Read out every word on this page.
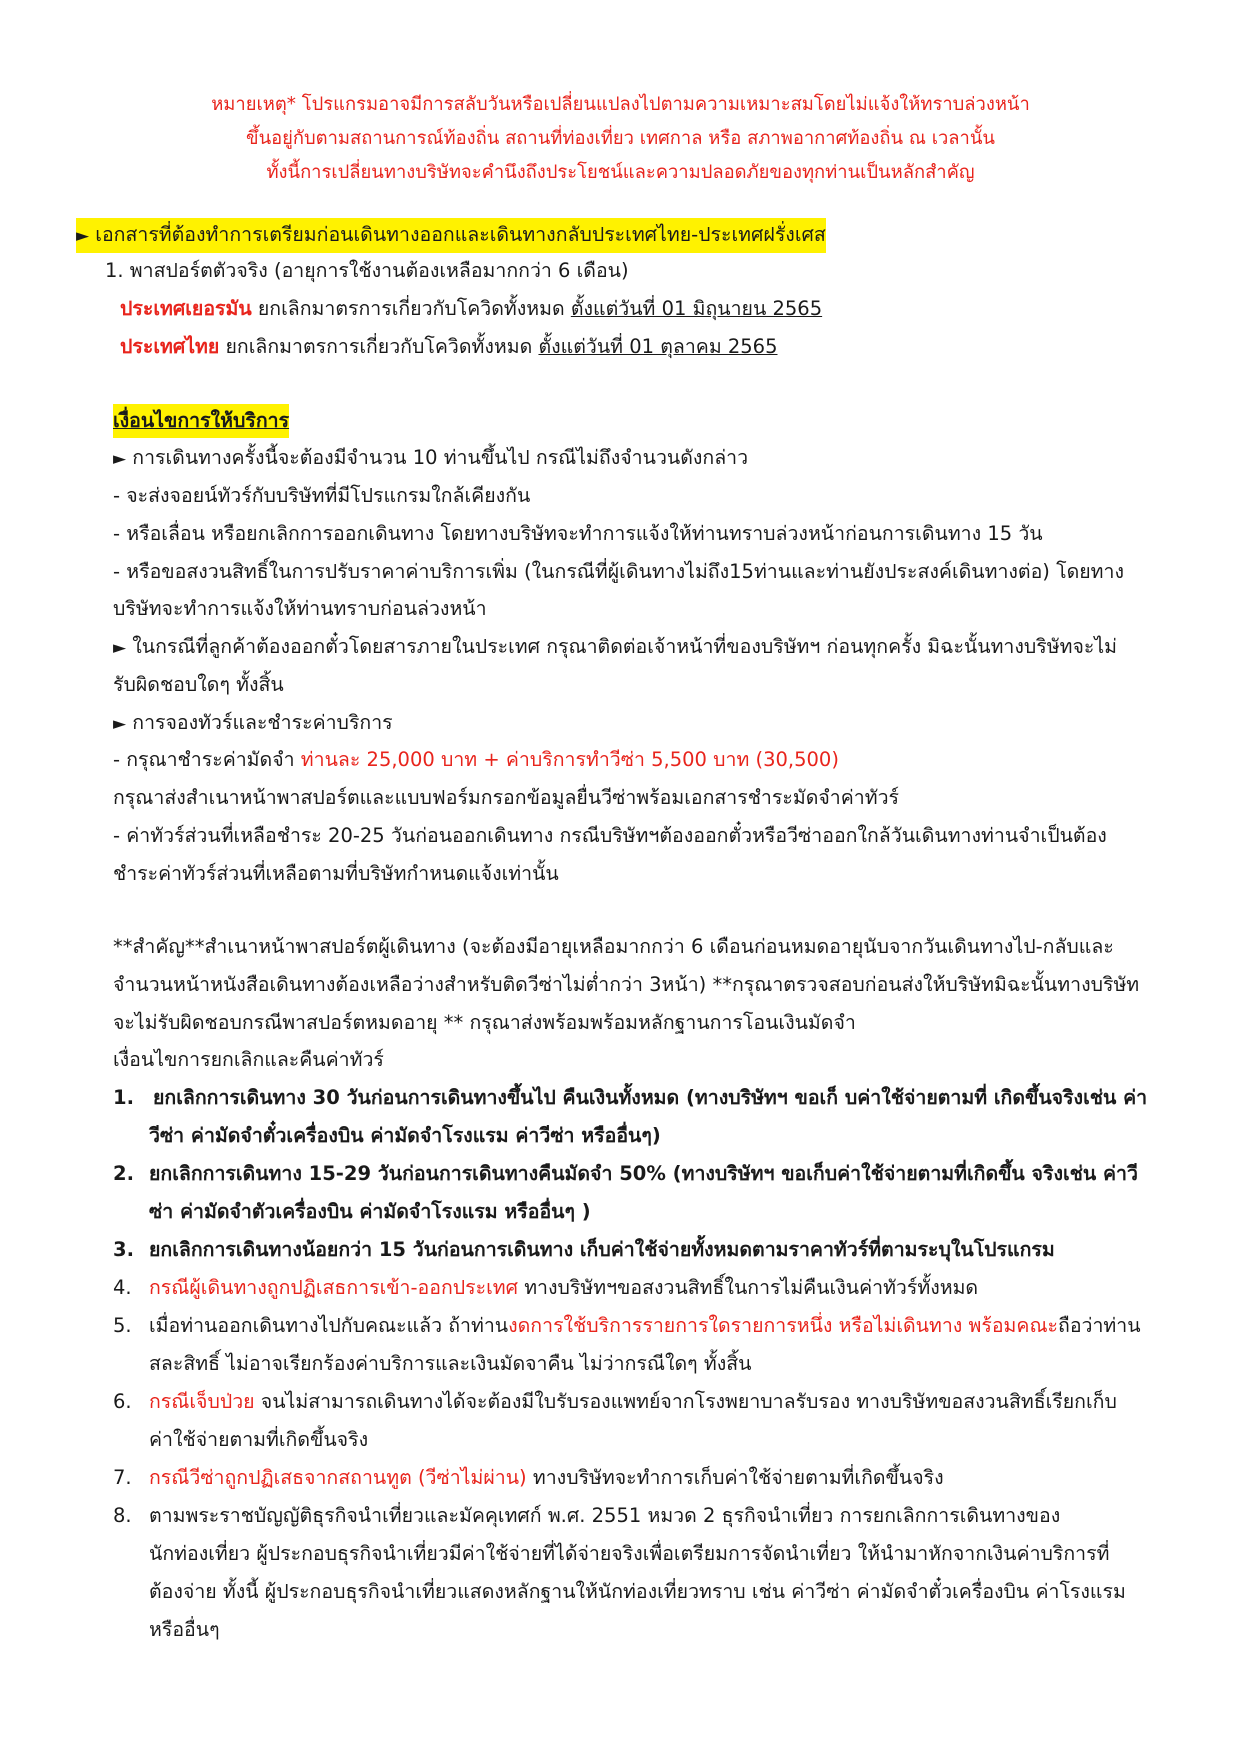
หมายเหตุ* โปรแกรมอาจมีการสลับวันหรือเปลี่ยนแปลงไปตามความเหมาะสมโดยไม่แจ้งให้ทราบล่วงหน้า
ขึ้นอยู่กับตามสถานการณ์ท้องถิ่น สถานที่ท่องเที่ยว เทศกาล หรือ สภาพอากาศท้องถิ่น ณ เวลานั้น
ทั้งนี้การเปลี่ยนทางบริษัทจะคำนึงถึงประโยชน์และความปลอดภัยของทุกท่านเป็นหลักสำคัญ
► เอกสารที่ต้องทำการเตรียมก่อนเดินทางออกและเดินทางกลับประเทศไทย-ประเทศฝรั่งเศส
1. พาสปอร์ตตัวจริง (อายุการใช้งานต้องเหลือมากกว่า 6 เดือน)
ประเทศเยอรมัน ยกเลิกมาตรการเกี่ยวกับโควิดทั้งหมด ตั้งแต่วันที่ 01 มิถุนายน 2565
ประเทศไทย ยกเลิกมาตรการเกี่ยวกับโควิดทั้งหมด ตั้งแต่วันที่ 01 ตุลาคม 2565
เงื่อนไขการให้บริการ
► การเดินทางครั้งนี้จะต้องมีจำนวน 10 ท่านขึ้นไป กรณีไม่ถึงจำนวนดังกล่าว
- จะส่งจอยน์ทัวร์กับบริษัทที่มีโปรแกรมใกล้เคียงกัน
- หรือเลื่อน หรือยกเลิกการออกเดินทาง โดยทางบริษัทจะทำการแจ้งให้ท่านทราบล่วงหน้าก่อนการเดินทาง 15 วัน
- หรือขอสงวนสิทธิ์ในการปรับราคาค่าบริการเพิ่ม (ในกรณีที่ผู้เดินทางไม่ถึง15ท่านและท่านยังประสงค์เดินทางต่อ) โดยทาง
บริษัทจะทำการแจ้งให้ท่านทราบก่อนล่วงหน้า
► ในกรณีที่ลูกค้าต้องออกตั๋วโดยสารภายในประเทศ กรุณาติดต่อเจ้าหน้าที่ของบริษัทฯ ก่อนทุกครั้ง มิฉะนั้นทางบริษัทจะไม่
รับผิดชอบใดๆ ทั้งสิ้น
► การจองทัวร์และชำระค่าบริการ
- กรุณาชำระค่ามัดจำ ท่านละ 25,000 บาท + ค่าบริการทำวีซ่า 5,500 บาท (30,500)
กรุณาส่งสำเนาหน้าพาสปอร์ตและแบบฟอร์มกรอกข้อมูลยื่นวีซ่าพร้อมเอกสารชำระมัดจำค่าทัวร์
- ค่าทัวร์ส่วนที่เหลือชำระ 20-25 วันก่อนออกเดินทาง กรณีบริษัทฯต้องออกตั๋วหรือวีซ่าออกใกล้วันเดินทางท่านจำเป็นต้อง
ชำระค่าทัวร์ส่วนที่เหลือตามที่บริษัทกำหนดแจ้งเท่านั้น
**สำคัญ**สำเนาหน้าพาสปอร์ตผู้เดินทาง (จะต้องมีอายุเหลือมากกว่า 6 เดือนก่อนหมดอายุนับจากวันเดินทางไป-กลับและ
จำนวนหน้าหนังสือเดินทางต้องเหลือว่างสำหรับติดวีซ่าไม่ต่ำกว่า 3หน้า) **กรุณาตรวจสอบก่อนส่งให้บริษัทมิฉะนั้นทางบริษัท
จะไม่รับผิดชอบกรณีพาสปอร์ตหมดอายุ ** กรุณาส่งพร้อมพร้อมหลักฐานการโอนเงินมัดจำ
เงื่อนไขการยกเลิกและคืนค่าทัวร์
1. ยกเลิกการเดินทาง 30 วันก่อนการเดินทางขึ้นไป คืนเงินทั้งหมด (ทางบริษัทฯ ขอเก็ บค่าใช้จ่ายตามที่ เกิดขึ้นจริงเช่น ค่า
วีซ่า ค่ามัดจำตั๋วเครื่องบิน ค่ามัดจำโรงแรม ค่าวีซ่า หรืออื่นๆ)
2. ยกเลิกการเดินทาง 15-29 วันก่อนการเดินทางคืนมัดจำ 50% (ทางบริษัทฯ ขอเก็บค่าใช้จ่ายตามที่เกิดขึ้น จริงเช่น ค่าวี
ซ่า ค่ามัดจำตัวเครื่องบิน ค่ามัดจำโรงแรม หรืออื่นๆ )
3. ยกเลิกการเดินทางน้อยกว่า 15 วันก่อนการเดินทาง เก็บค่าใช้จ่ายทั้งหมดตามราคาทัวร์ที่ตามระบุในโปรแกรม
4. กรณีผู้เดินทางถูกปฏิเสธการเข้า-ออกประเทศ ทางบริษัทฯขอสงวนสิทธิ์ในการไม่คืนเงินค่าทัวร์ทั้งหมด
5. เมื่อท่านออกเดินทางไปกับคณะแล้ว ถ้าท่านงดการใช้บริการรายการใดรายการหนึ่ง หรือไม่เดินทาง พร้อมคณะถือว่าท่าน
สละสิทธิ์ ไม่อาจเรียกร้องค่าบริการและเงินมัดจาคืน ไม่ว่ากรณีใดๆ ทั้งสิ้น
6. กรณีเจ็บป่วย จนไม่สามารถเดินทางได้จะต้องมีใบรับรองแพทย์จากโรงพยาบาลรับรอง ทางบริษัทขอสงวนสิทธิ์เรียกเก็บ
ค่าใช้จ่ายตามที่เกิดขึ้นจริง
7. กรณีวีซ่าถูกปฏิเสธจากสถานทูต (วีซ่าไม่ผ่าน) ทางบริษัทจะทำการเก็บค่าใช้จ่ายตามที่เกิดขึ้นจริง
8. ตามพระราชบัญญัติธุรกิจนำเที่ยวและมัคคุเทศก์ พ.ศ. 2551 หมวด 2 ธุรกิจนำเที่ยว การยกเลิกการเดินทางของ
นักท่องเที่ยว ผู้ประกอบธุรกิจนำเที่ยวมีค่าใช้จ่ายที่ได้จ่ายจริงเพื่อเตรียมการจัดนำเที่ยว ให้นำมาหักจากเงินค่าบริการที่
ต้องจ่าย ทั้งนี้ ผู้ประกอบธุรกิจนำเที่ยวแสดงหลักฐานให้นักท่องเที่ยวทราบ เช่น ค่าวีซ่า ค่ามัดจำตั๋วเครื่องบิน ค่าโรงแรม
หรืออื่นๆ
